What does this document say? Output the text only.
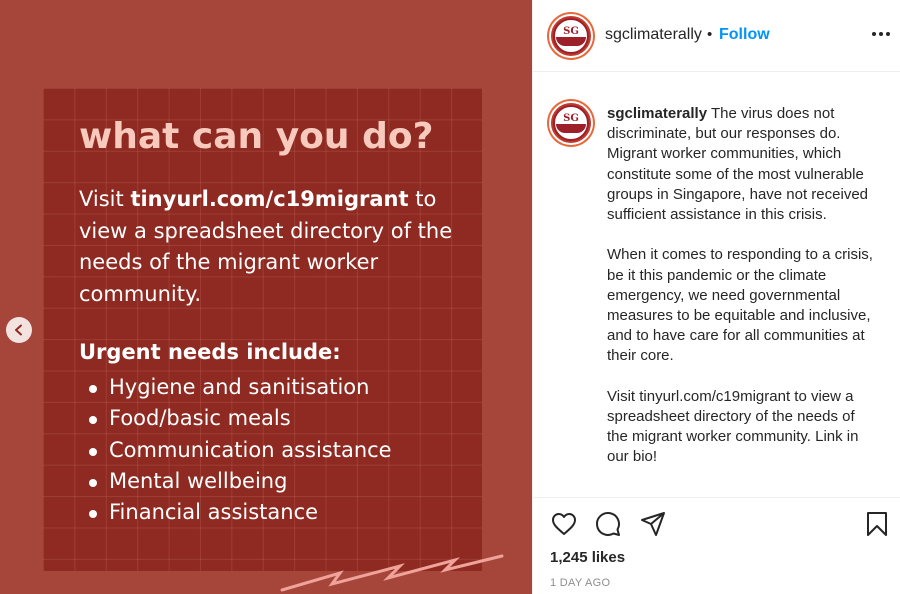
what can you do?
Visit tinyurl.com/c19migrant to view a spreadsheet directory of the needs of the migrant worker community.
Urgent needs include:
Hygiene and sanitisation
Food/basic meals
Communication assistance
Mental wellbeing
Financial assistance
SG sgclimaterally • Follow
SG sgclimaterally The virus does not discriminate, but our responses do. Migrant worker communities, which constitute some of the most vulnerable groups in Singapore, have not received sufficient assistance in this crisis.

When it comes to responding to a crisis, be it this pandemic or the climate emergency, we need governmental measures to be equitable and inclusive, and to have care for all communities at their core.

Visit tinyurl.com/c19migrant to view a spreadsheet directory of the needs of the migrant worker community. Link in our bio!

1,245 likes
1 DAY AGO
